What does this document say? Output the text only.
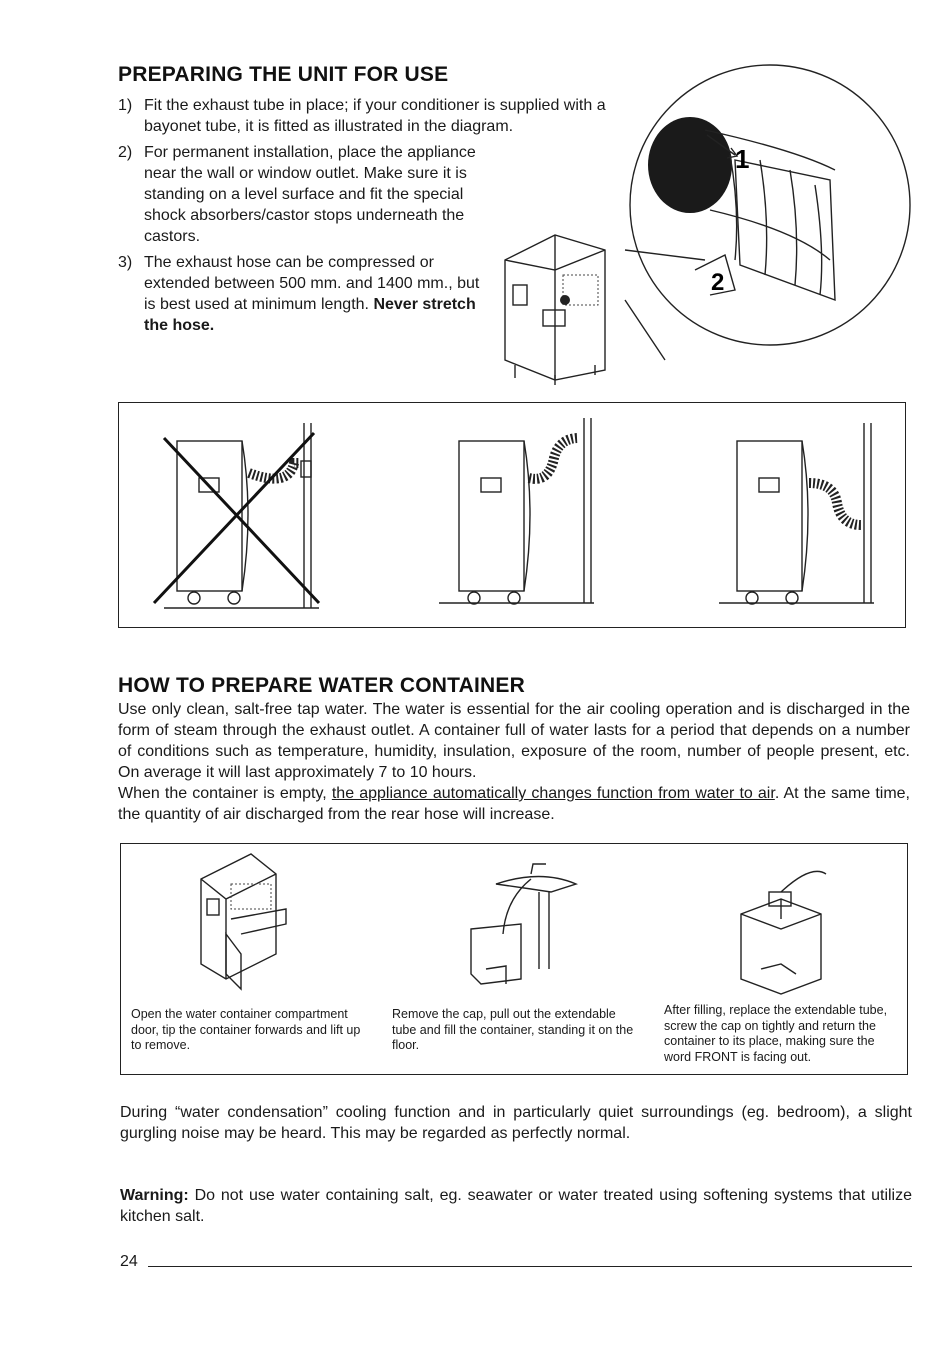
PREPARING THE UNIT FOR USE
1) Fit the exhaust tube in place; if your conditioner is supplied with a bayonet tube, it is fitted as illustrated in the diagram.
2) For permanent installation, place the appliance near the wall or window outlet. Make sure it is standing on a level surface and fit the special shock absorbers/castor stops underneath the castors.
3) The exhaust hose can be compressed or extended between 500 mm. and 1400 mm., but is best used at minimum length. Never stretch the hose.
1
2
HOW TO PREPARE WATER CONTAINER

Use only clean, salt-free tap water. The water is essential for the air cooling operation and is discharged in the form of steam through the exhaust outlet. A container full of water lasts for a period that depends on a number of conditions such as temperature, humidity, insulation, exposure of the room, number of people present, etc. On average it will last approximately 7 to 10 hours.

When the container is empty, the appliance automatically changes function from water to air. At the same time, the quantity of air discharged from the rear hose will increase.

Open the water container compartment door, tip the container forwards and lift up to remove.
Remove the cap, pull out the extendable tube and fill the container, standing it on the floor.
After filling, replace the extendable tube, screw the cap on tightly and return the container to its place, making sure the word FRONT is facing out.

During “water condensation” cooling function and in particularly quiet surroundings (eg. bedroom), a slight gurgling noise may be heard. This may be regarded as perfectly normal.

Warning: Do not use water containing salt, eg. seawater or water treated using softening systems that utilize kitchen salt.

24
